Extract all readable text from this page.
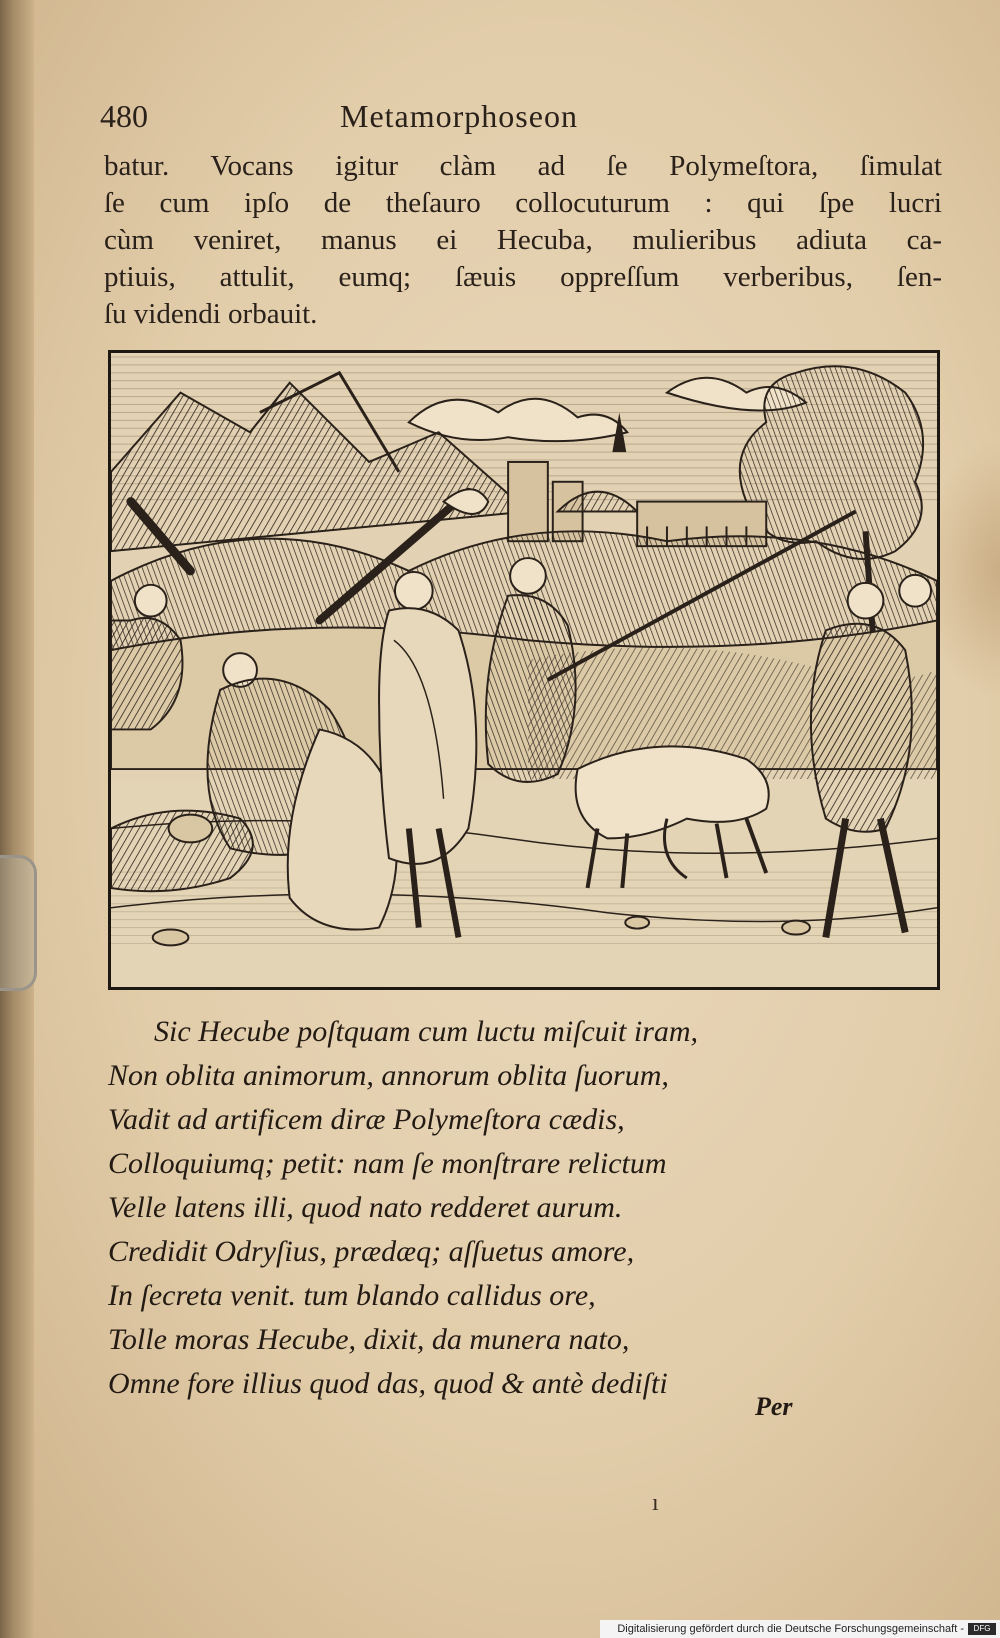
480	Metamorphoseon
batur. Vocans igitur clàm ad ſe Polymeſtora, ſimulat
ſe cum ipſo de theſauro collocuturum : qui ſpe lucri
cùm veniret, manus ei Hecuba, mulieribus adiuta ca-
ptiuis, attulit, eumq; ſæuis oppreſſum verberibus, ſen-
ſu videndi orbauit.
Sic Hecube poſtquam cum luctu miſcuit iram,
Non oblita animorum, annorum oblita ſuorum,
Vadit ad artificem diræ Polymeſtora cædis,
Colloquiumq; petit: nam ſe monſtrare relictum
Velle latens illi, quod nato redderet aurum.
Credidit Odryſius, prædæq; aſſuetus amore,
In ſecreta venit. tum blando callidus ore,
Tolle moras Hecube, dixit, da munera nato,
Omne fore illius quod das, quod & antè dediſti
Per
ı
Digitalisierung gefördert durch die Deutsche Forschungsgemeinschaft -	DFG
